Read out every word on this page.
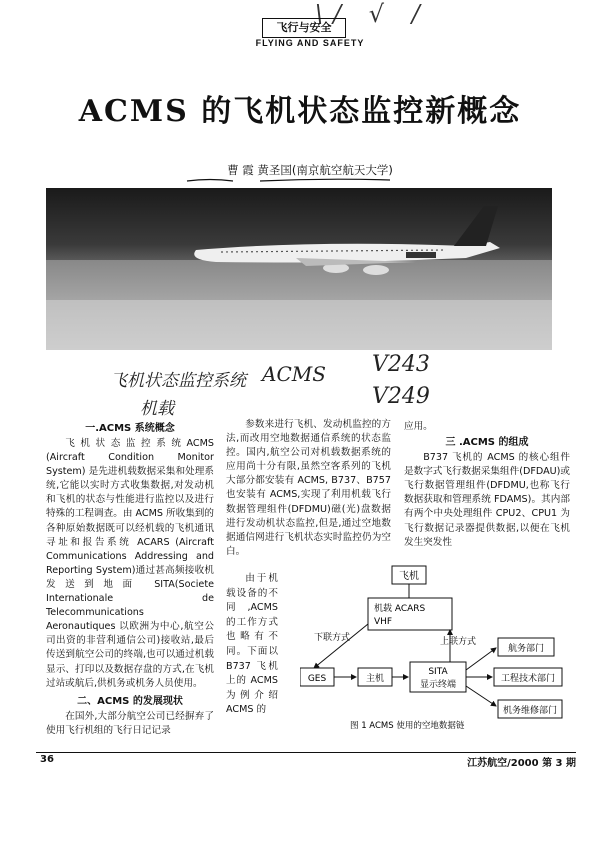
\/ √ /
飞行与安全
FLYING AND SAFETY
ACMS 的飞机状态监控新概念
曹 霞 黄圣国(南京航空航天大学)
飞机状态监控系统 ACMS V243
机载	V249
一.ACMS 系统概念

飞 机 状 态 监 控 系 统 ACMS (Aircraft Condition Monitor System) 是先进机载数据采集和处理系统,它能以实时方式收集数据,对发动机和飞机的状态与性能进行监控以及进行特殊的工程调查。由 ACMS 所收集到的各种原始数据既可以经机载的飞机通讯寻址和报告系统 ACARS (Aircraft Communications Addressing and Reporting System)通过甚高频接收机发送到地面 SITA(Societe Internationale de Telecommunications Aeronautiques 以欧洲为中心,航空公司出资的非营利通信公司)接收站,最后传送到航空公司的终端,也可以通过机载显示、打印以及数据存盘的方式,在飞机过站或航后,供机务或机务人员使用。

二、ACMS 的发展现状

在国外,大部分航空公司已经摒弃了使用飞行机组的飞行日记记录

参数来进行飞机、发动机监控的方法,而改用空地数据通信系统的状态监控。国内,航空公司对机载数据系统的应用尚十分有限,虽然空客系列的飞机大部分都安装有 ACMS, B737、B757 也安装有 ACMS,实现了利用机载飞行数据管理组件(DFDMU)磁(光)盘数据进行发动机状态监控,但是,通过空地数据通信网进行飞机状态实时监控仍为空白。

由于机载设备的不同,ACMS 的工作方式也略有不同。下面以 B737 飞机上的 ACMS 为例介绍 ACMS 的

应用。

三 .ACMS 的组成

B737 飞机的 ACMS 的核心组件是数字式飞行数据采集组件(DFDAU)或飞行数据管理组件(DFDMU,也称飞行数据获取和管理系统 FDAMS)。其内部有两个中央处理组件 CPU2、CPU1 为飞行数据记录器提供数据,以便在飞机发生突发性

飞机
机载 ACARS
VHF
下联方式	上联方式
GES	主机
SITA
显示终端
航务部门
工程技术部门
机务维修部门
图 1 ACMS 使用的空地数据链
36	江苏航空/2000 第 3 期
